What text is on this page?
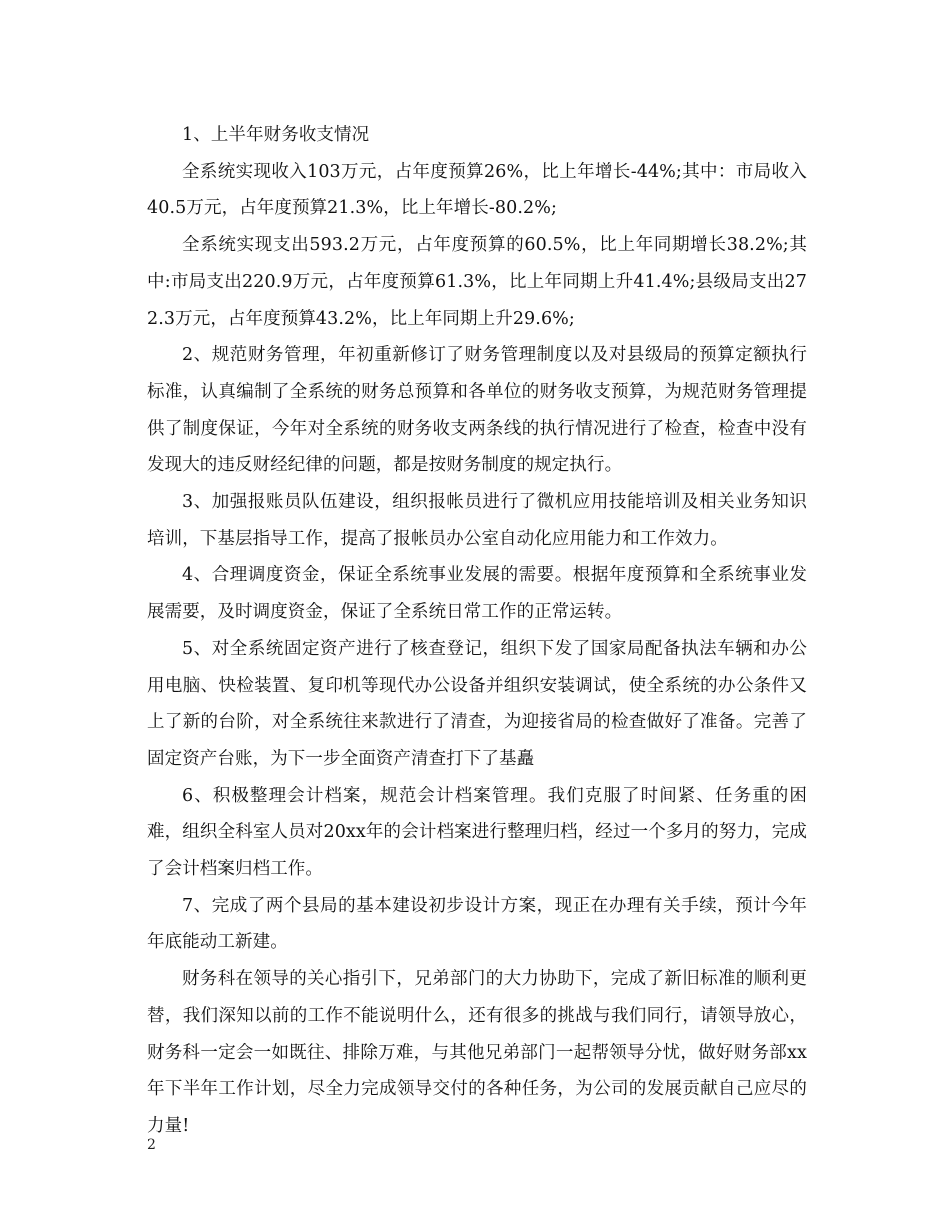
1、上半年财务收支情况

全系统实现收入103万元，占年度预算26%，比上年增长-44%;其中：市局收入40.5万元，占年度预算21.3%，比上年增长-80.2%;

全系统实现支出593.2万元，占年度预算的60.5%，比上年同期增长38.2%;其中:市局支出220.9万元，占年度预算61.3%，比上年同期上升41.4%;县级局支出272.3万元，占年度预算43.2%，比上年同期上升29.6%;

2、规范财务管理，年初重新修订了财务管理制度以及对县级局的预算定额执行标准，认真编制了全系统的财务总预算和各单位的财务收支预算，为规范财务管理提供了制度保证，今年对全系统的财务收支两条线的执行情况进行了检查，检查中没有发现大的违反财经纪律的问题，都是按财务制度的规定执行。

3、加强报账员队伍建设，组织报帐员进行了微机应用技能培训及相关业务知识培训，下基层指导工作，提高了报帐员办公室自动化应用能力和工作效力。

4、合理调度资金，保证全系统事业发展的需要。根据年度预算和全系统事业发展需要，及时调度资金，保证了全系统日常工作的正常运转。

5、对全系统固定资产进行了核查登记，组织下发了国家局配备执法车辆和办公用电脑、快检装置、复印机等现代办公设备并组织安装调试，使全系统的办公条件又上了新的台阶，对全系统往来款进行了清查，为迎接省局的检查做好了准备。完善了固定资产台账，为下一步全面资产清查打下了基矗

6、积极整理会计档案，规范会计档案管理。我们克服了时间紧、任务重的困难，组织全科室人员对20xx年的会计档案进行整理归档，经过一个多月的努力，完成了会计档案归档工作。

7、完成了两个县局的基本建设初步设计方案，现正在办理有关手续，预计今年年底能动工新建。

财务科在领导的关心指引下，兄弟部门的大力协助下，完成了新旧标准的顺利更替，我们深知以前的工作不能说明什么，还有很多的挑战与我们同行，请领导放心，财务科一定会一如既往、排除万难，与其他兄弟部门一起帮领导分忧，做好财务部xx年下半年工作计划，尽全力完成领导交付的各种任务，为公司的发展贡献自己应尽的力量!

2
